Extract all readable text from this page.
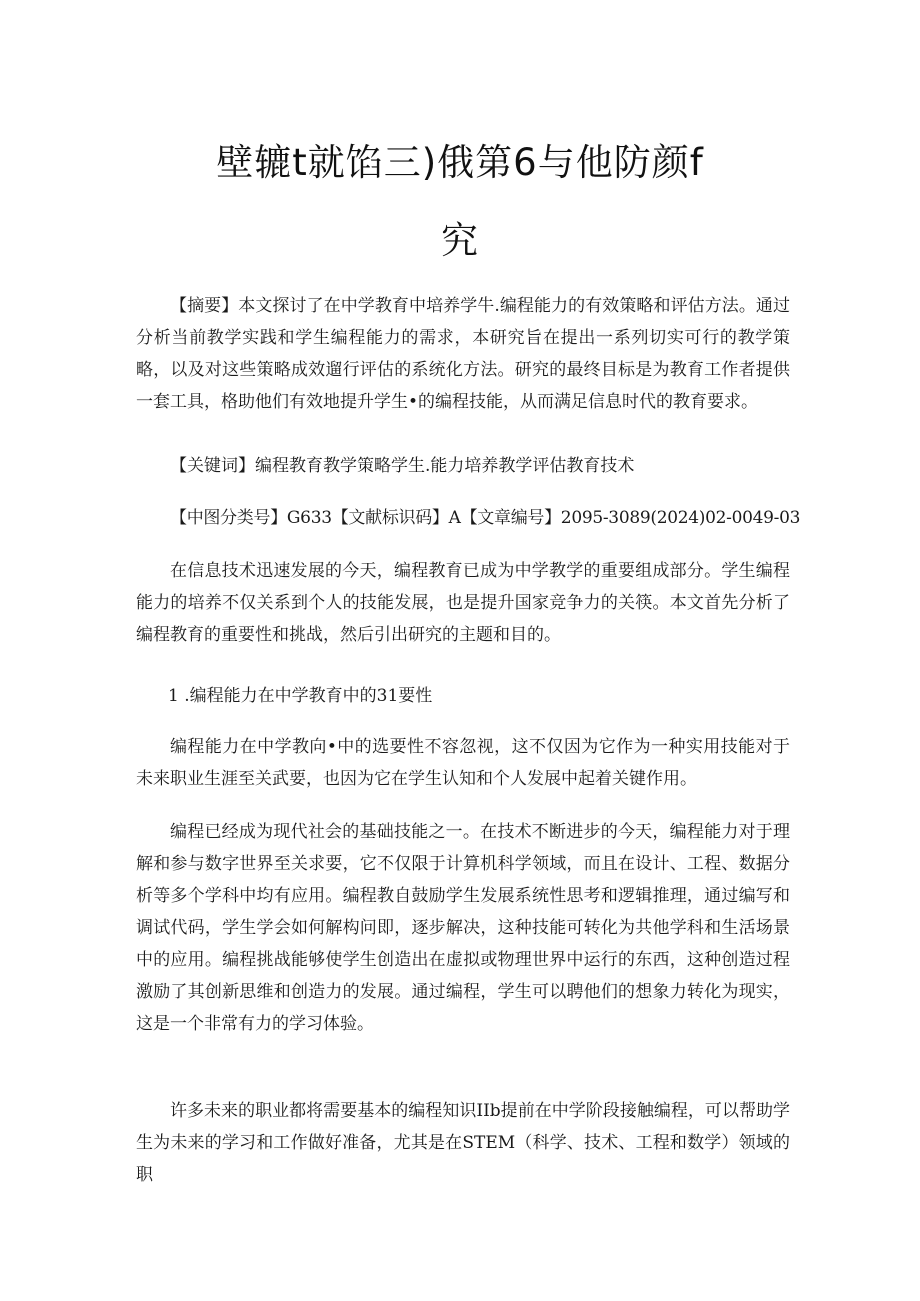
壁辘t就馅三)俄第6与他防颜f
究

【摘要】本文探讨了在中学教育中培养学牛.编程能力的有效策略和评估方法。通过分析当前教学实践和学生编程能力的需求，本研究旨在提出一系列切实可行的教学策略，以及对这些策略成效遛行评估的系统化方法。研究的最终目标是为教育工作者提供一套工具，格助他们有效地提升学生•的编程技能，从而满足信息时代的教育要求。

【关键词】编程教育教学策略学生.能力培养教学评估教育技术

【中图分类号】G633【文献标识码】A【文章编号】2095-3089(2024)02-0049-03

在信息技术迅速发展的今天，编程教育已成为中学教学的重要组成部分。学生编程能力的培养不仅关系到个人的技能发展，也是提升国家竞争力的关筷。本文首先分析了编程教育的重要性和挑战，然后引出研究的主题和目的。

1 .编程能力在中学教育中的31要性

编程能力在中学教向•中的选要性不容忽视，这不仅因为它作为一种实用技能对于未来职业生涯至关武要，也因为它在学生认知和个人发展中起着关键作用。

编程已经成为现代社会的基础技能之一。在技术不断进步的今天，编程能力对于理解和参与数字世界至关求要，它不仅限于计算机科学领域，而且在设计、工程、数据分析等多个学科中均有应用。编程教自鼓励学生发展系统性思考和逻辑推理，通过编写和调试代码，学生学会如何解构问即，逐步解决，这种技能可转化为共他学科和生活场景中的应用。编程挑战能够使学生创造出在虚拟或物理世界中运行的东西，这种创造过程激励了其创新思维和创造力的发展。通过编程，学生可以聘他们的想象力转化为现实，这是一个非常有力的学习体验。

许多未来的职业都将需要基本的编程知识IIb提前在中学阶段接触编程，可以帮助学生为未来的学习和工作做好准备，尤其是在STEM（科学、技术、工程和数学）领域的职
